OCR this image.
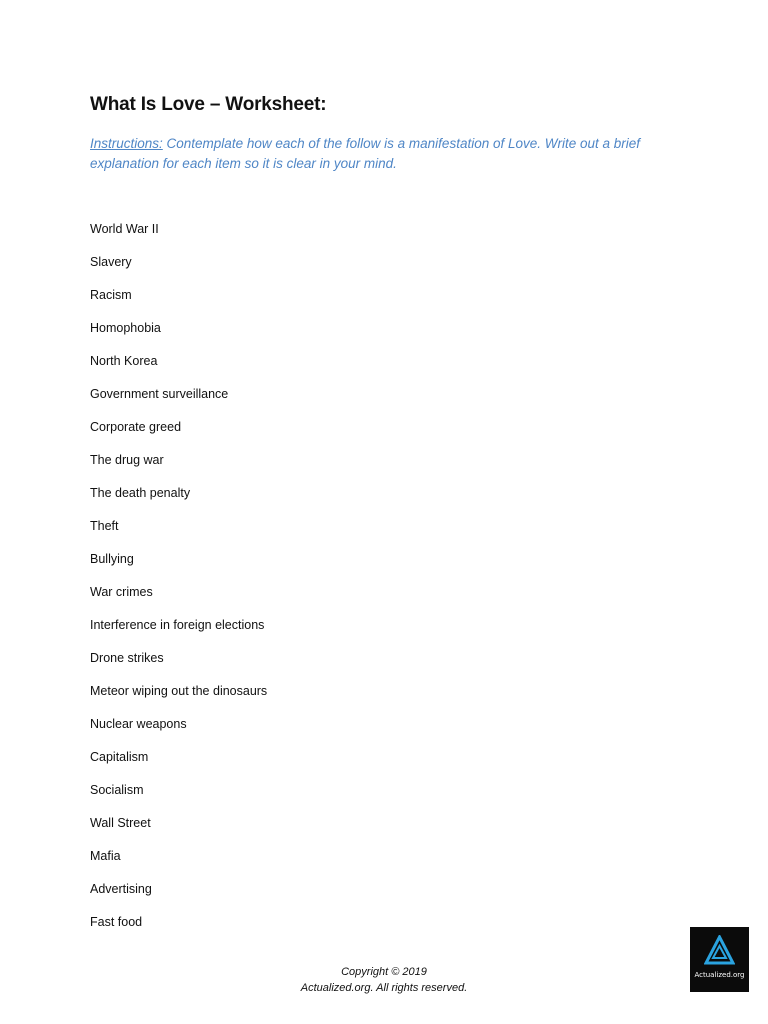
What Is Love – Worksheet:

Instructions: Contemplate how each of the follow is a manifestation of Love. Write out a brief explanation for each item so it is clear in your mind.

World War II
Slavery
Racism
Homophobia
North Korea
Government surveillance
Corporate greed
The drug war
The death penalty
Theft
Bullying
War crimes
Interference in foreign elections
Drone strikes
Meteor wiping out the dinosaurs
Nuclear weapons
Capitalism
Socialism
Wall Street
Mafia
Advertising
Fast food
Copyright © 2019
Actualized.org. All rights reserved.
Actualized.org
